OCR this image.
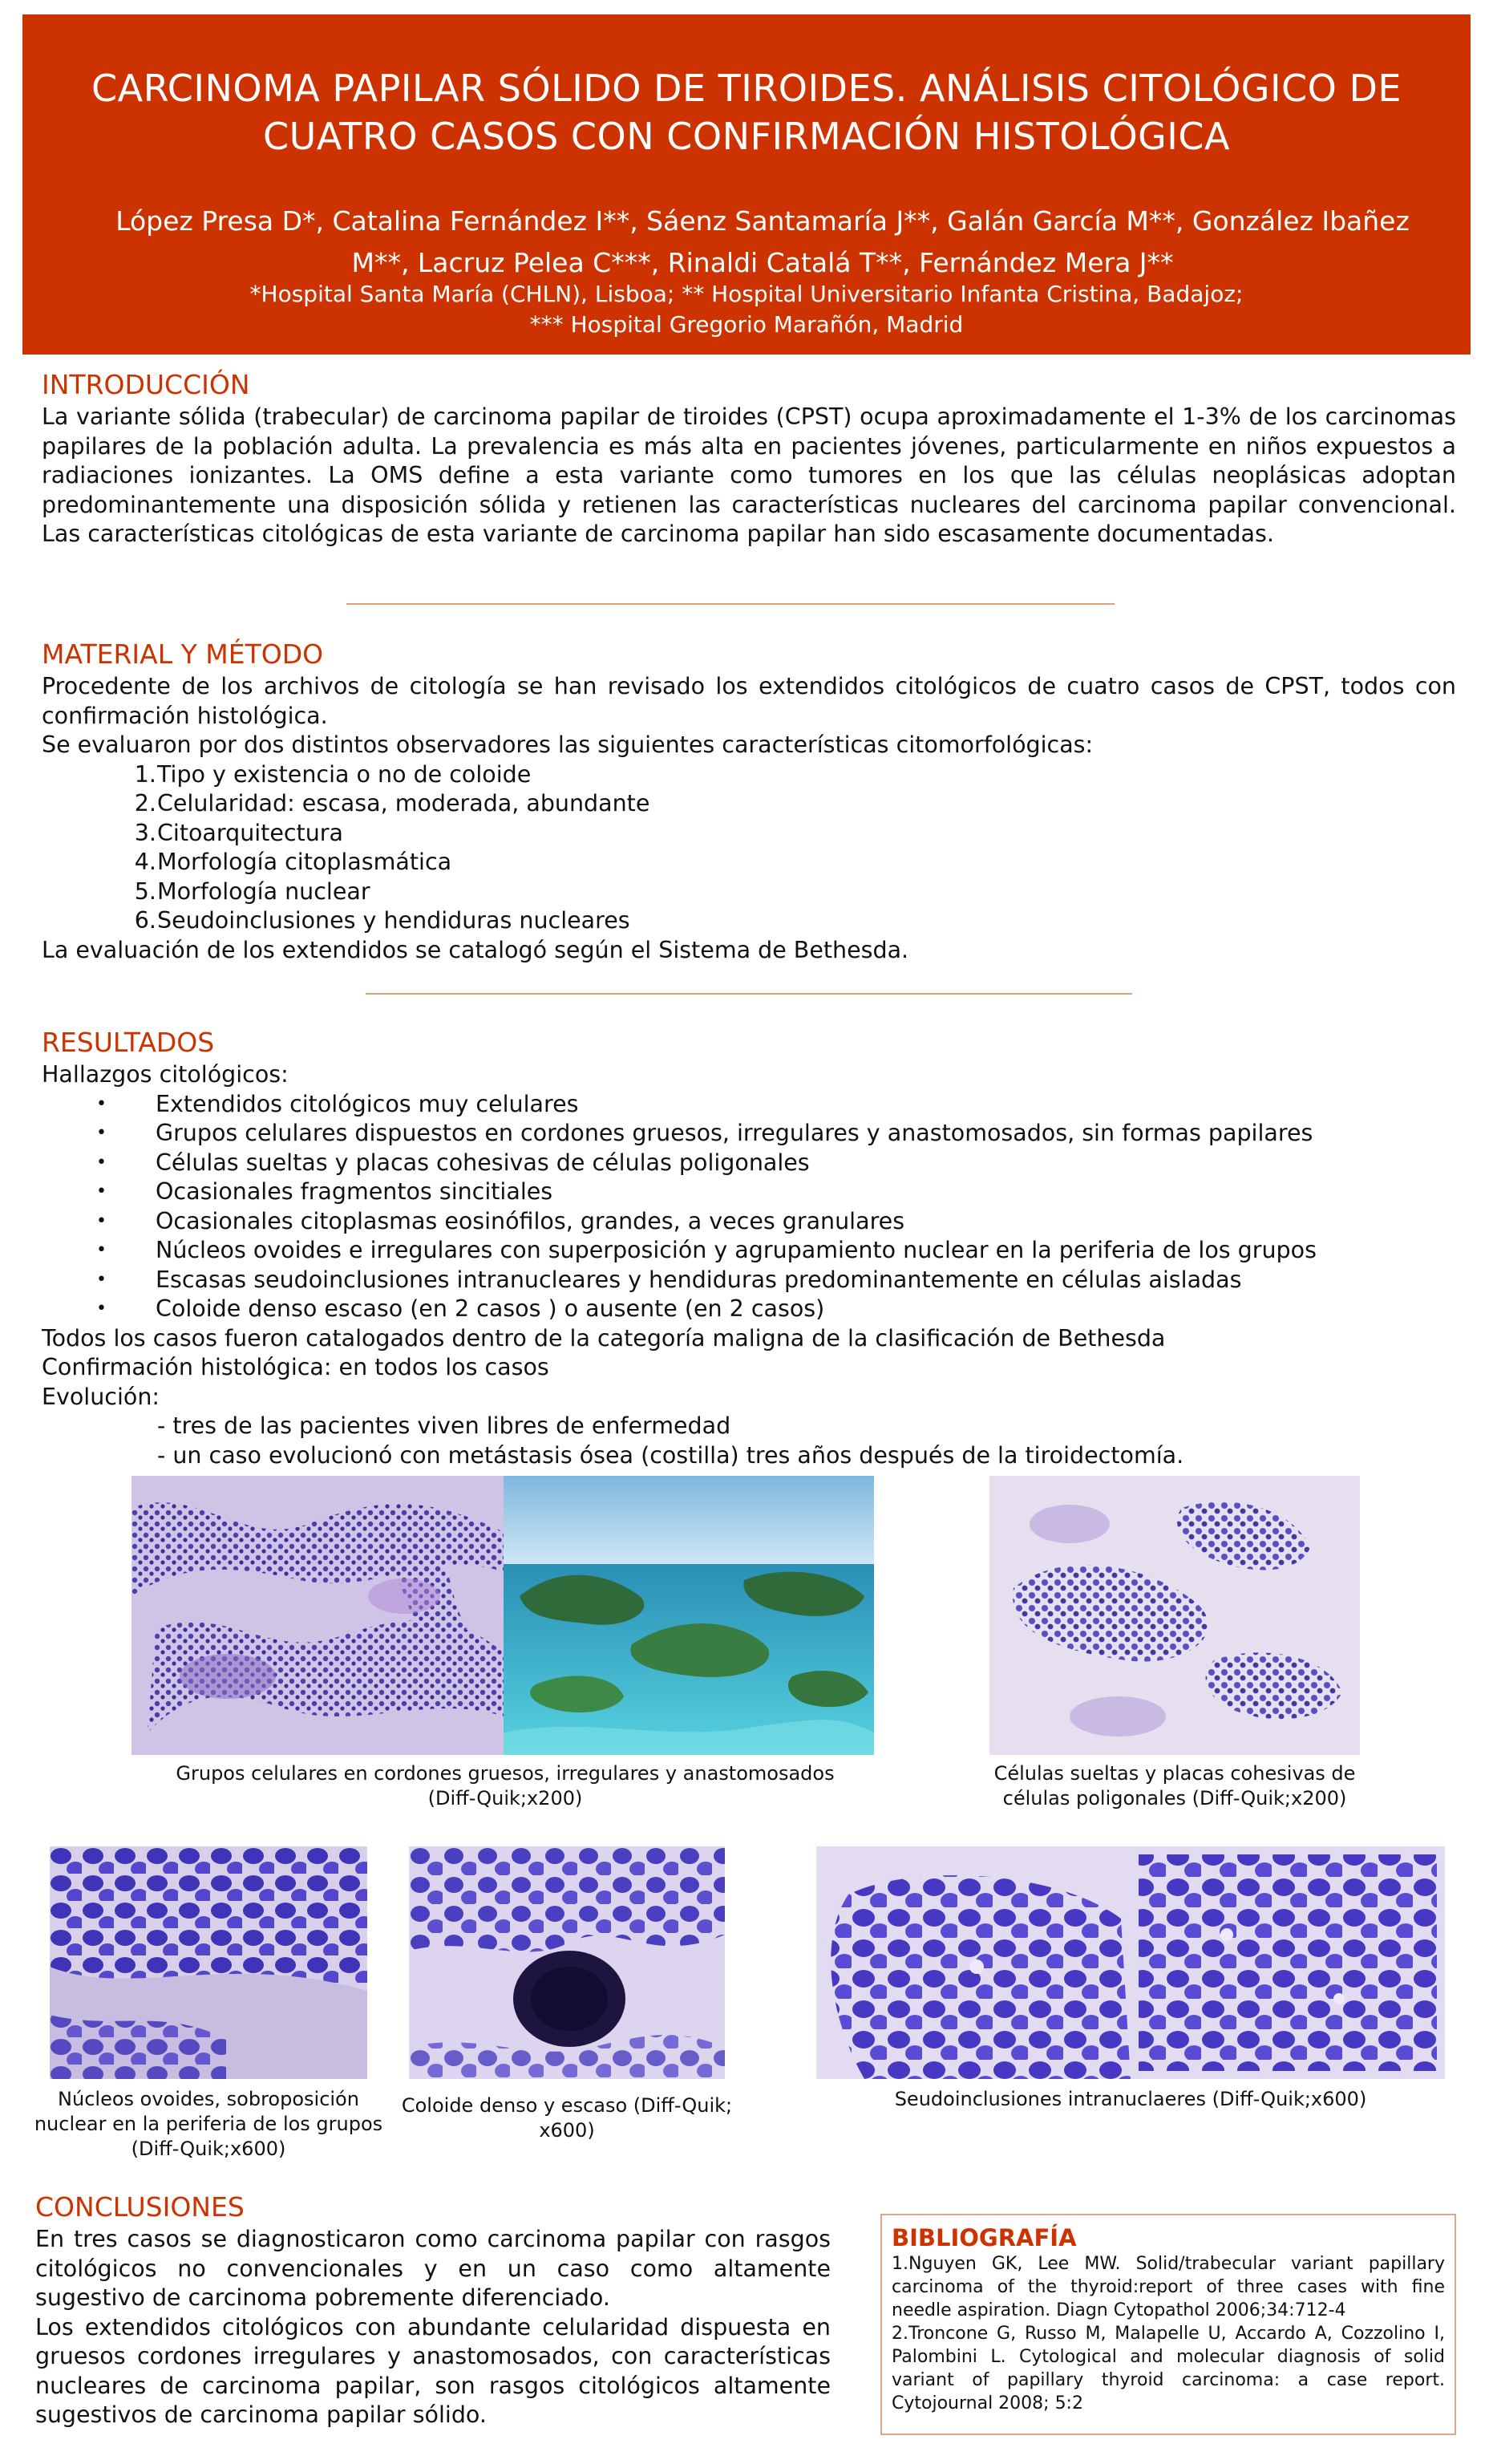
CARCINOMA PAPILAR SÓLIDO DE TIROIDES. ANÁLISIS CITOLÓGICO DE CUATRO CASOS CON CONFIRMACIÓN HISTOLÓGICA
López Presa D*, Catalina Fernández I**, Sáenz Santamaría J**, Galán García M**, González Ibañez M**, Lacruz Pelea C***, Rinaldi Catalá T**, Fernández Mera J**
*Hospital Santa María (CHLN), Lisboa; ** Hospital Universitario Infanta Cristina, Badajoz;
*** Hospital Gregorio Marañón, Madrid
INTRODUCCIÓN
La variante sólida (trabecular) de carcinoma papilar de tiroides (CPST) ocupa aproximadamente el 1-3% de los carcinomas papilares de la población adulta. La prevalencia es más alta en pacientes jóvenes, particularmente en niños expuestos a radiaciones ionizantes. La OMS define a esta variante como tumores en los que las células neoplásicas adoptan predominantemente una disposición sólida y retienen las características nucleares del carcinoma papilar convencional. Las características citológicas de esta variante de carcinoma papilar han sido escasamente documentadas.
MATERIAL Y MÉTODO
Procedente de los archivos de citología se han revisado los extendidos citológicos de cuatro casos de CPST, todos con confirmación histológica.
Se evaluaron por dos distintos observadores las siguientes características citomorfológicas:
1. Tipo y existencia o no de coloide
2. Celularidad: escasa, moderada, abundante
3. Citoarquitectura
4. Morfología citoplasmática
5. Morfología nuclear
6. Seudoinclusiones y hendiduras nucleares
La evaluación de los extendidos se catalogó según el Sistema de Bethesda.
RESULTADOS
Hallazgos citológicos:
• Extendidos citológicos muy celulares
• Grupos celulares dispuestos en cordones gruesos, irregulares y anastomosados, sin formas papilares
• Células sueltas y placas cohesivas de células poligonales
• Ocasionales fragmentos sincitiales
• Ocasionales citoplasmas eosinófilos, grandes, a veces granulares
• Núcleos ovoides e irregulares con superposición y agrupamiento nuclear en la periferia de los grupos
• Escasas seudoinclusiones intranucleares y hendiduras predominantemente en células aisladas
• Coloide denso escaso (en 2 casos ) o ausente (en 2 casos)
Todos los casos fueron catalogados dentro de la categoría maligna de la clasificación de Bethesda
Confirmación histológica: en todos los casos
Evolución:
- tres de las pacientes viven libres de enfermedad
- un caso evolucionó con metástasis ósea (costilla) tres años después de la tiroidectomía.
Grupos celulares en cordones gruesos, irregulares y anastomosados (Diff-Quik;x200)
Células sueltas y placas cohesivas de células poligonales (Diff-Quik;x200)
Núcleos ovoides, sobroposición nuclear en la periferia de los grupos (Diff-Quik;x600)
Coloide denso y escaso (Diff-Quik; x600)
Seudoinclusiones intranuclaeres (Diff-Quik;x600)
CONCLUSIONES
En tres casos se diagnosticaron como carcinoma papilar con rasgos citológicos no convencionales y en un caso como altamente sugestivo de carcinoma pobremente diferenciado.
Los extendidos citológicos con abundante celularidad dispuesta en gruesos cordones irregulares y anastomosados, con características nucleares de carcinoma papilar, son rasgos citológicos altamente sugestivos de carcinoma papilar sólido.
BIBLIOGRAFÍA
1.Nguyen GK, Lee MW. Solid/trabecular variant papillary carcinoma of the thyroid:report of three cases with fine needle aspiration. Diagn Cytopathol 2006;34:712-4
2.Troncone G, Russo M, Malapelle U, Accardo A, Cozzolino I, Palombini L. Cytological and molecular diagnosis of solid variant of papillary thyroid carcinoma: a case report. Cytojournal 2008; 5:2
